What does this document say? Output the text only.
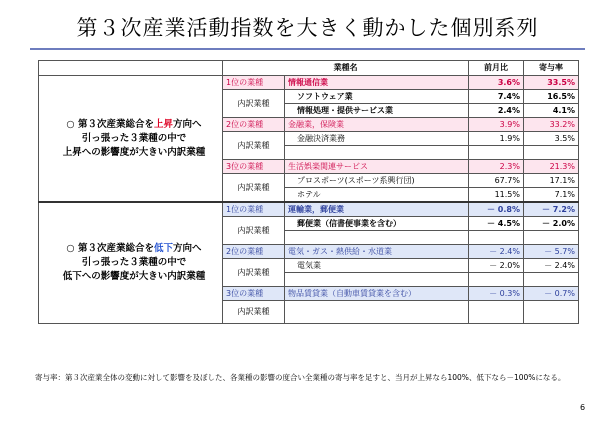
第３次産業活動指数を大きく動かした個別系列
	業種名		前月比	寄与率
○ 第３次産業総合を上昇方向へ
引っ張った３業種の中で
上昇への影響度が大きい内訳業種	1位の業種	情報通信業	3.6%	33.5%
	内訳業種	ソフトウェア業	7.4%	16.5%
		情報処理・提供サービス業	2.4%	4.1%
	2位の業種	金融業，保険業	3.9%	33.2%
	内訳業種	金融決済業務	1.9%	3.5%

	3位の業種	生活娯楽関連サービス	2.3%	21.3%
	内訳業種	プロスポーツ(スポーツ系興行団)	67.7%	17.1%
		ホテル	11.5%	7.1%
○ 第３次産業総合を低下方向へ
引っ張った３業種の中で
低下への影響度が大きい内訳業種	1位の業種	運輸業，郵便業	－ 0.8%	－ 7.2%
	内訳業種	郵便業（信書便事業を含む）	－ 4.5%	－ 2.0%

	2位の業種	電気・ガス・熱供給・水道業	－ 2.4%	－ 5.7%
	内訳業種	電気業	－ 2.0%	－ 2.4%

	3位の業種	物品賃貸業（自動車賃貸業を含む）	－ 0.3%	－ 0.7%
	内訳業種			
寄与率：第３次産業全体の変動に対して影響を及ぼした、各業種の影響の度合い全業種の寄与率を足すと、当月が上昇なら100%、低下なら－100%になる。
6
